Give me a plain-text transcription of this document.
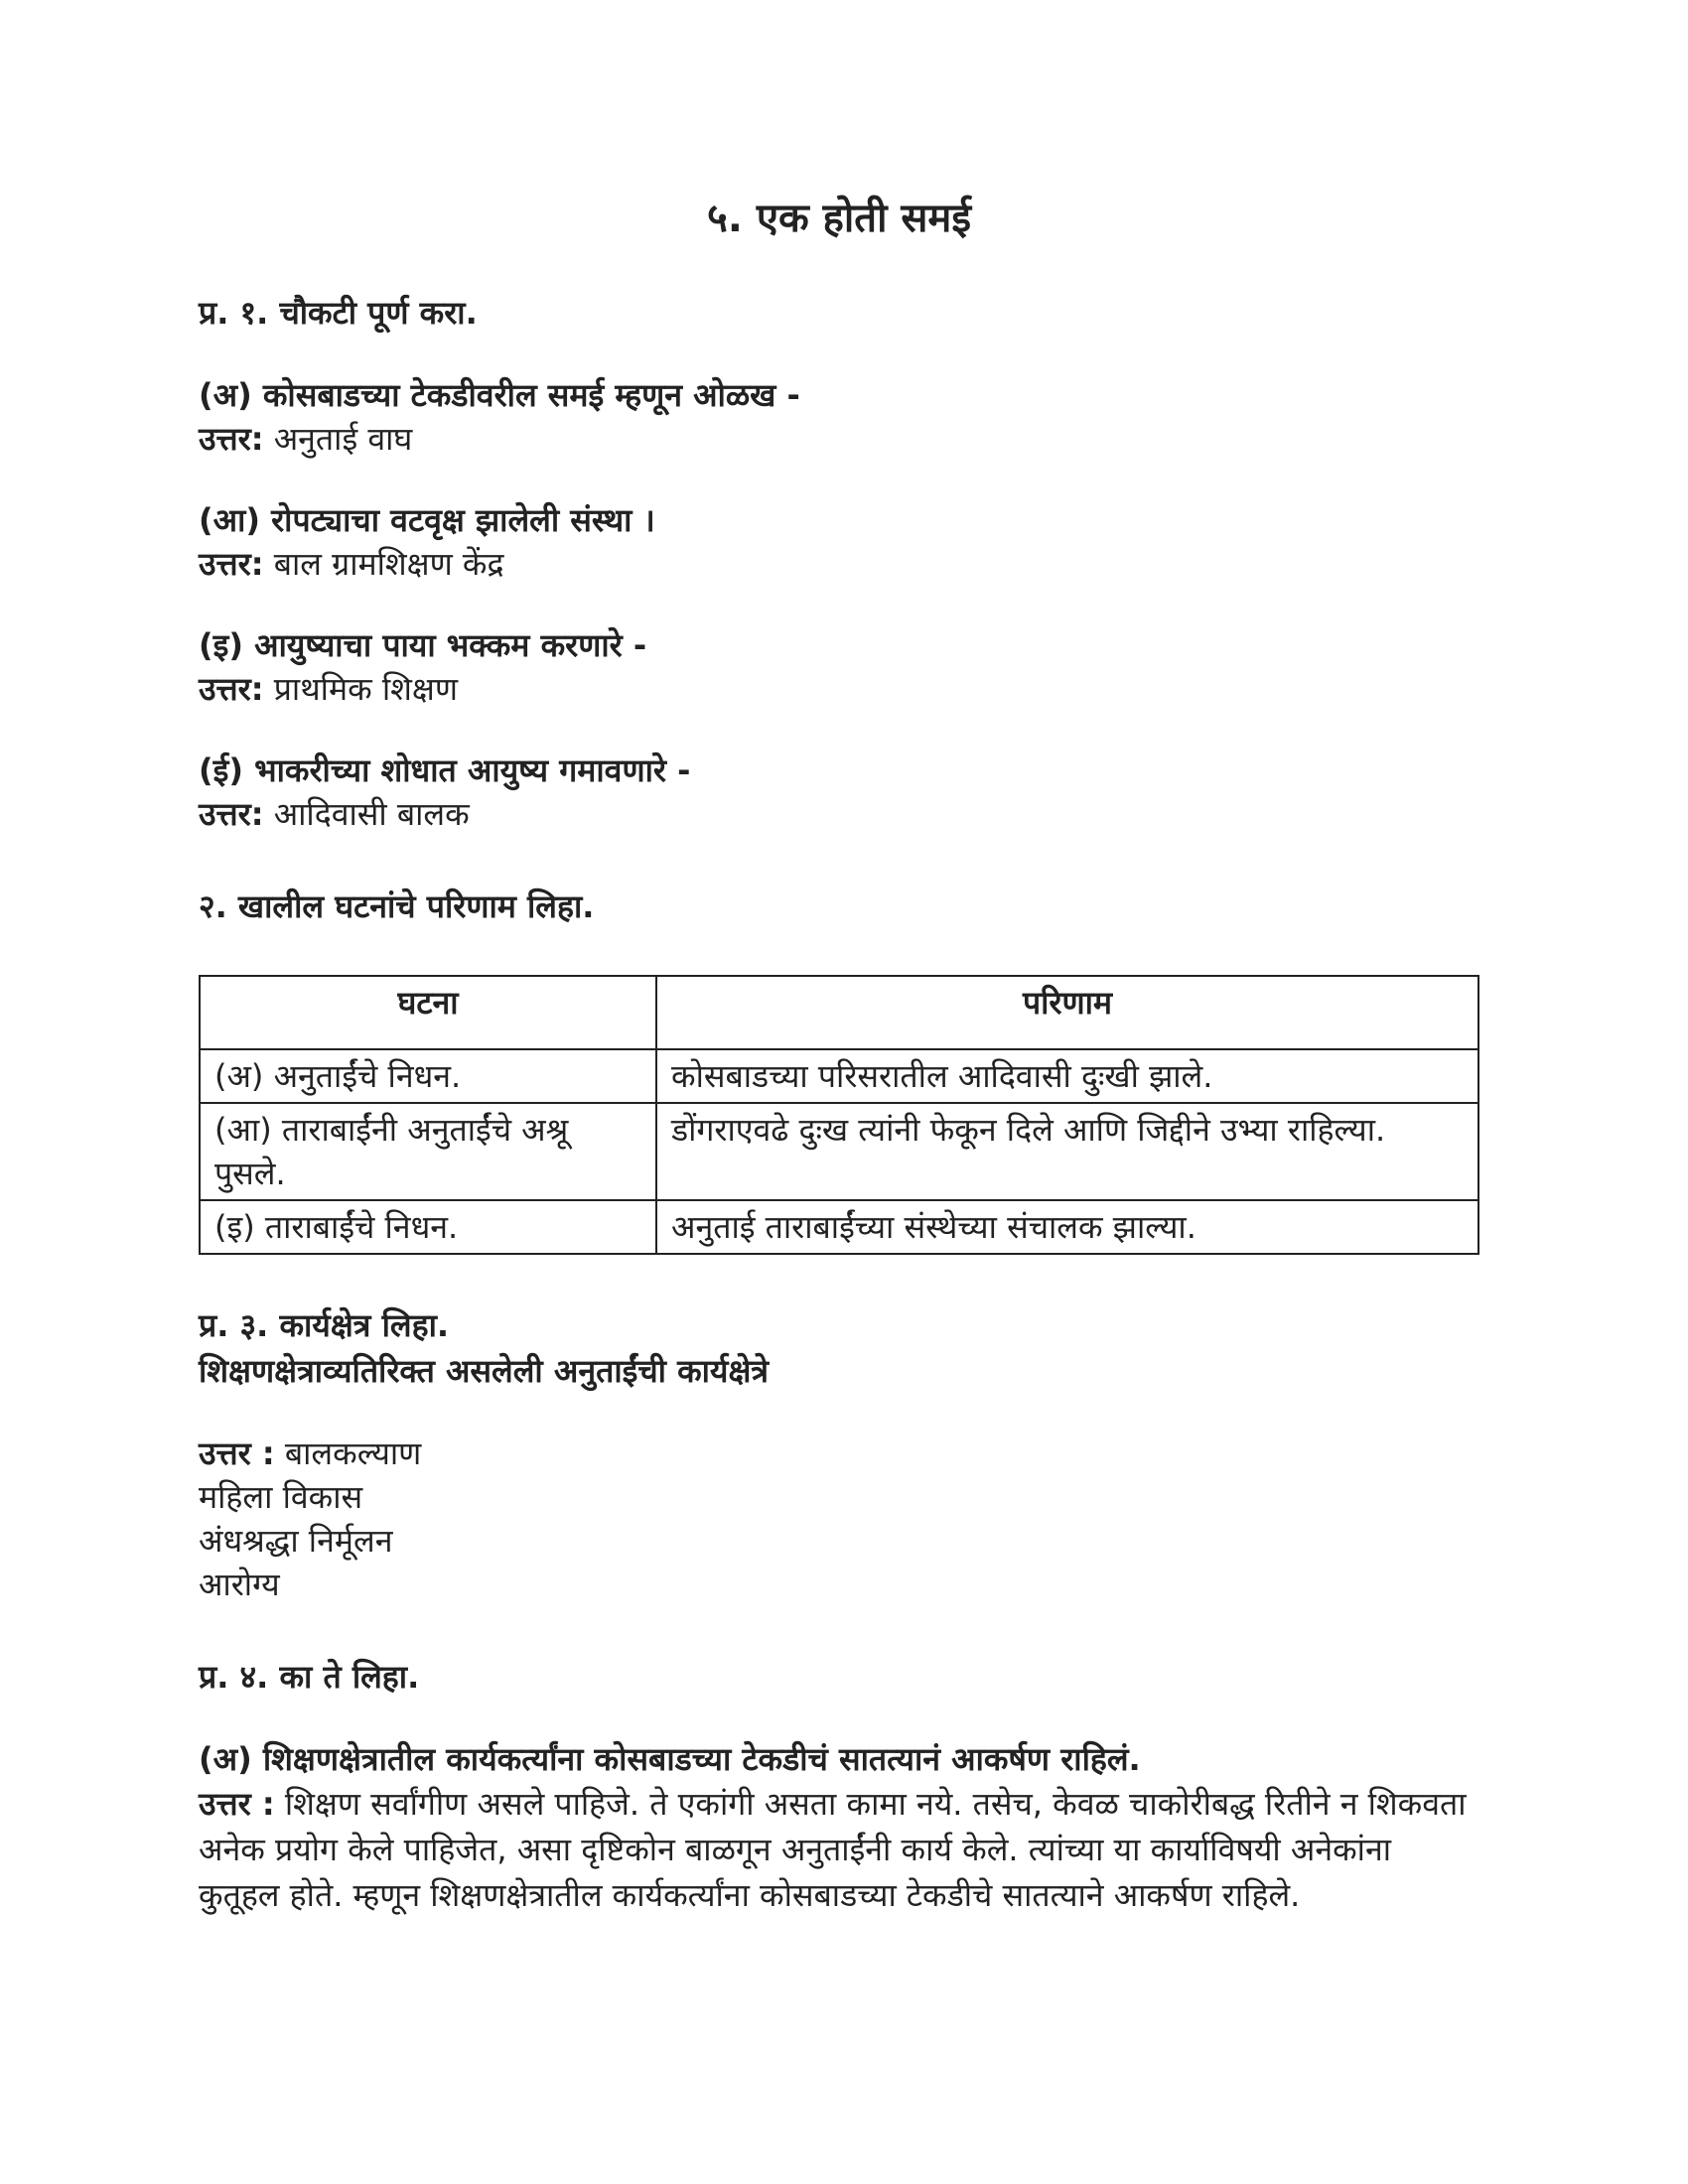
५. एक होती समई

प्र. १. चौकटी पूर्ण करा.

(अ) कोसबाडच्या टेकडीवरील समई म्हणून ओळख -

उत्तर: अनुताई वाघ

(आ) रोपट्याचा वटवृक्ष झालेली संस्था ।

उत्तर: बाल ग्रामशिक्षण केंद्र

(इ) आयुष्याचा पाया भक्कम करणारे -

उत्तर: प्राथमिक शिक्षण

(ई) भाकरीच्या शोधात आयुष्य गमावणारे -

उत्तर: आदिवासी बालक

२. खालील घटनांचे परिणाम लिहा.

घटना	परिणाम
(अ) अनुताईंचे निधन.	कोसबाडच्या परिसरातील आदिवासी दुःखी झाले.
(आ) ताराबाईंनी अनुताईंचे अश्रू पुसले.	डोंगराएवढे दुःख त्यांनी फेकून दिले आणि जिद्दीने उभ्या राहिल्या.
(इ) ताराबाईंचे निधन.	अनुताई ताराबाईंच्या संस्थेच्या संचालक झाल्या.

प्र. ३. कार्यक्षेत्र लिहा.

शिक्षणक्षेत्राव्यतिरिक्त असलेली अनुताईंची कार्यक्षेत्रे

उत्तर : बालकल्याण

महिला विकास

अंधश्रद्धा निर्मूलन

आरोग्य

प्र. ४. का ते लिहा.

(अ) शिक्षणक्षेत्रातील कार्यकर्त्यांना कोसबाडच्या टेकडीचं सातत्यानं आकर्षण राहिलं.

उत्तर : शिक्षण सर्वांगीण असले पाहिजे. ते एकांगी असता कामा नये. तसेच, केवळ चाकोरीबद्ध रितीने न शिकवता अनेक प्रयोग केले पाहिजेत, असा दृष्टिकोन बाळगून अनुताईंनी कार्य केले. त्यांच्या या कार्याविषयी अनेकांना कुतूहल होते. म्हणून शिक्षणक्षेत्रातील कार्यकर्त्यांना कोसबाडच्या टेकडीचे सातत्याने आकर्षण राहिले.
